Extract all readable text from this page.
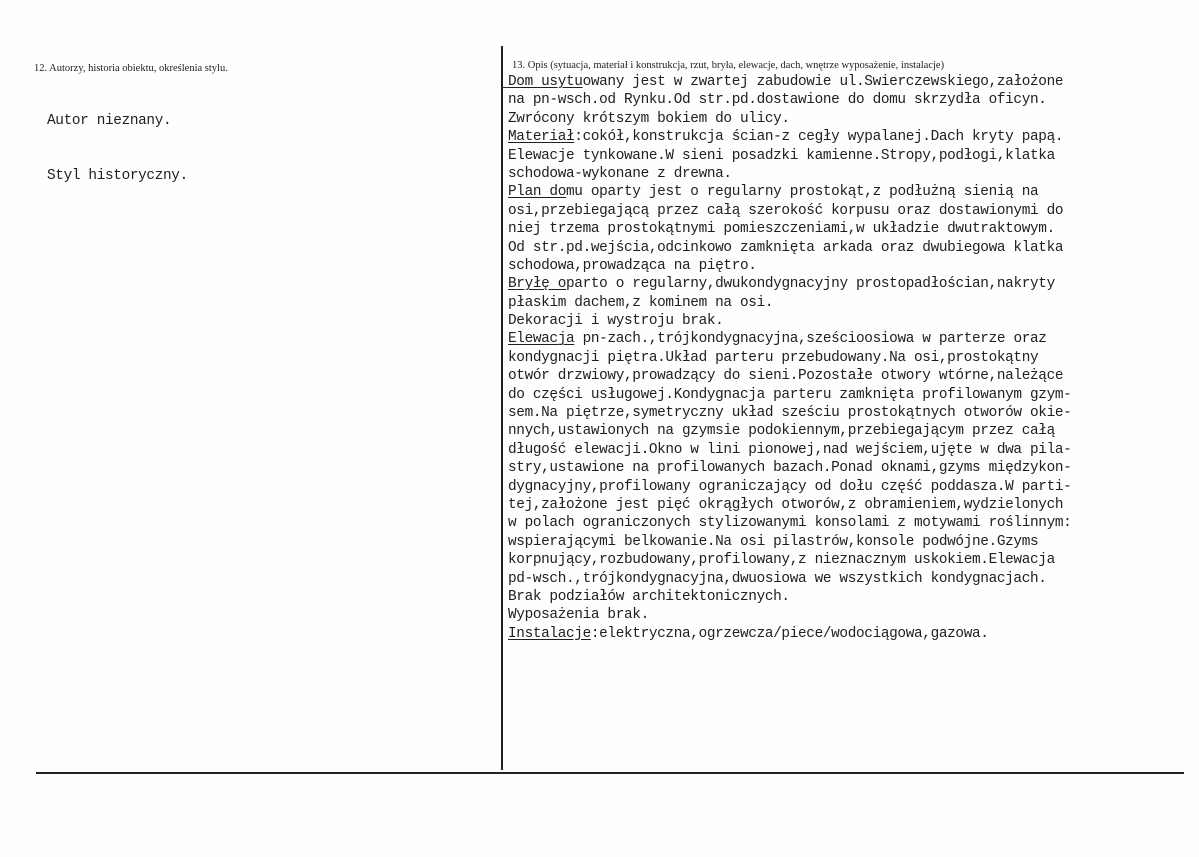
12. Autorzy, historia obiektu, określenia stylu.	13. Opis (sytuacja, materiał i konstrukcja, rzut, bryła, elewacje, dach, wnętrze wyposażenie, instalacje)

Autor nieznany.

Styl historyczny.

Dom usytuowany jest w zwartej zabudowie ul.Swierczewskiego,założone
na pn-wsch.od Rynku.Od str.pd.dostawione do domu skrzydła oficyn.
Zwrócony krótszym bokiem do ulicy.
Materiał:cokół,konstrukcja ścian-z cegły wypalanej.Dach kryty papą.
Elewacje tynkowane.W sieni posadzki kamienne.Stropy,podłogi,klatka
schodowa-wykonane z drewna.
Plan domu oparty jest o regularny prostokąt,z podłużną sienią na
osi,przebiegającą przez całą szerokość korpusu oraz dostawionymi do
niej trzema prostokątnymi pomieszczeniami,w układzie dwutraktowym.
Od str.pd.wejścia,odcinkowo zamknięta arkada oraz dwubiegowa klatka
schodowa,prowadząca na piętro.
Bryłę oparto o regularny,dwukondygnacyjny prostopadłościan,nakryty
płaskim dachem,z kominem na osi.
Dekoracji i wystroju brak.
Elewacja pn-zach.,trójkondygnacyjna,sześcioosiowa w parterze oraz
kondygnacji piętra.Układ parteru przebudowany.Na osi,prostokątny
otwór drzwiowy,prowadzący do sieni.Pozostałe otwory wtórne,należące
do części usługowej.Kondygnacja parteru zamknięta profilowanym gzym-
sem.Na piętrze,symetryczny układ sześciu prostokątnych otworów okie-
nnych,ustawionych na gzymsie podokiennym,przebiegającym przez całą
długość elewacji.Okno w lini pionowej,nad wejściem,ujęte w dwa pila-
stry,ustawione na profilowanych bazach.Ponad oknami,gzyms międzykon-
dygnacyjny,profilowany ograniczający od dołu część poddasza.W parti-
tej,założone jest pięć okrągłych otworów,z obramieniem,wydzielonych
w polach ograniczonych stylizowanymi konsolami z motywami roślinnym:
wspierającymi belkowanie.Na osi pilastrów,konsole podwójne.Gzyms
korpnujący,rozbudowany,profilowany,z nieznacznym uskokiem.Elewacja
pd-wsch.,trójkondygnacyjna,dwuosiowa we wszystkich kondygnacjach.
Brak podziałów architektonicznych.
Wyposażenia brak.
Instalacje:elektryczna,ogrzewcza/piece/wodociągowa,gazowa.
